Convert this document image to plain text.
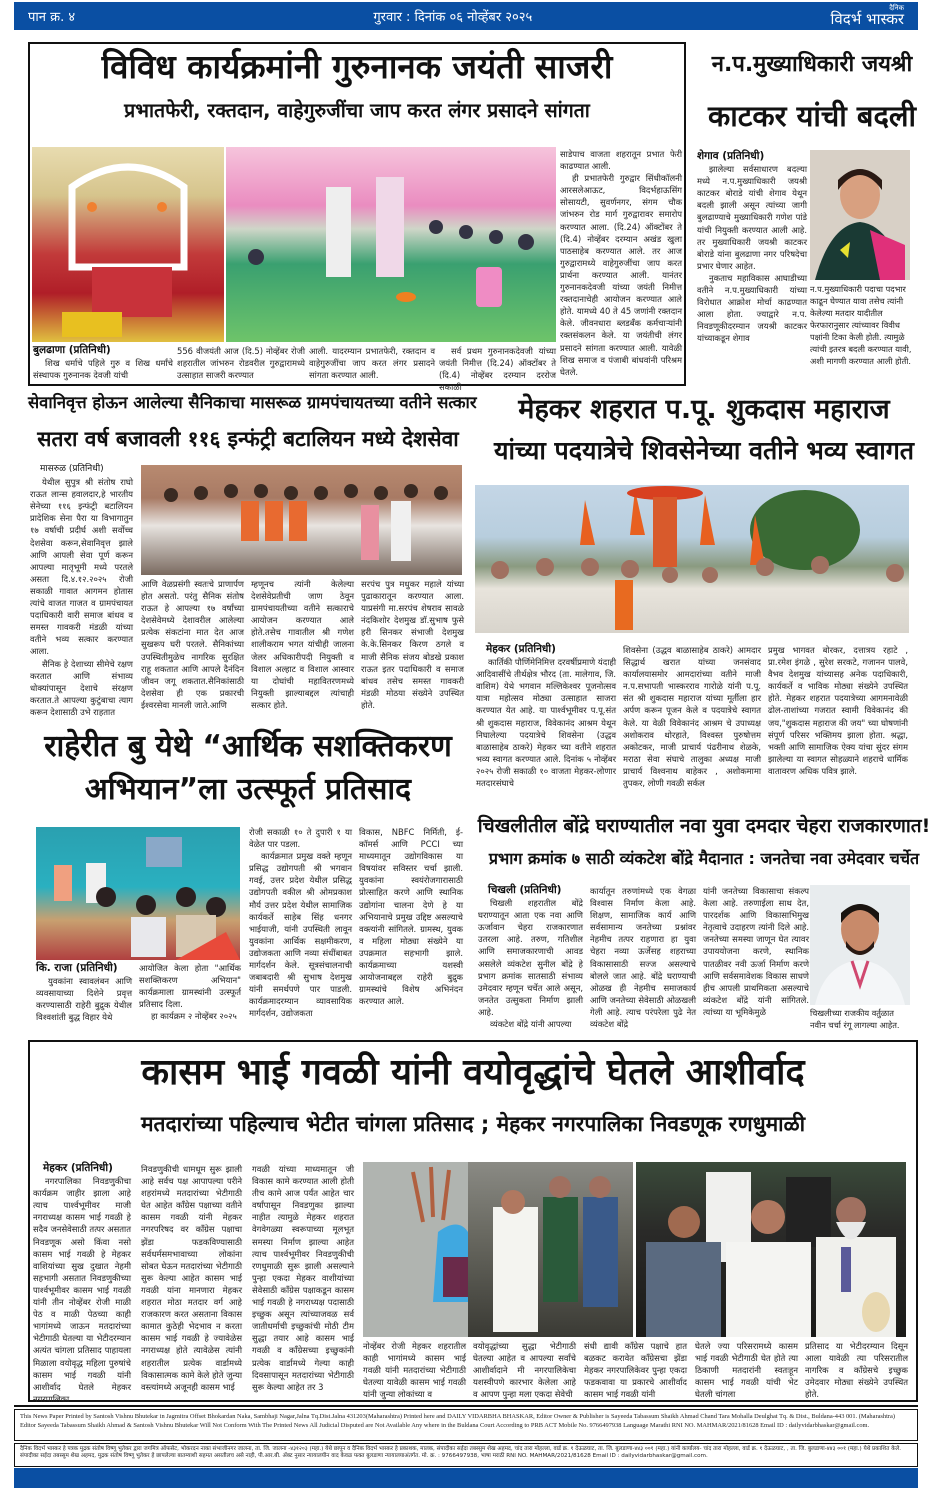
पान क्र. ४	गुरवार : दिनांक ०६ नोव्हेंबर २०२५
दैनिक
विदर्भ भास्कर
विविध कार्यक्रमांनी गुरुनानक जयंती साजरी
प्रभातफेरी, रक्तदान, वाहेगुरुजींचा जाप करत लंगर प्रसादने सांगता
बुलढाणा (प्रतिनिधी)

शिख धर्माचे पहिले गुरु व शिख धर्मांचे संस्थापक गुरुनानक देवजी यांची

556 वीजयंती आज (दि.5) नोव्हेंबर रोजी शहरातील जांभरुन रोडवरील गुरुद्वारामध्ये उत्साहात साजरी करण्यात
आली. यादरम्यान प्रभातफेरी, रक्तदान व वाहेगुरुजींचा जाप करत लंगर प्रसादने सांगता करण्यात आली.

सर्व प्रथम गुरुनानकदेवजी यांच्या जयंती निमीत्त (दि.24) ऑक्टोंबर ते (दि.4) नोव्हेंबर दरम्यान दररोज सकाळी

साडेपाच वाजता शहरातून प्रभात फेरी काढण्यात आली.

ही प्रभातफेरी गुरुद्वार सिंधीकॉलनी आरसलेआऊट, विदर्भहाऊसिंग सोसायटी, सुवर्णनगर, संगम चौक जांभरुन रोड मार्ग गुरुद्वारावर समारोप करण्यात आला. (दि.24) ऑक्टोंबर ते (दि.4) नोव्हेंबर दरम्यान अखंड खुला पाठसाहेब करण्यात आले. तर आज गुरुद्वारामध्ये वाहेगुरुजींचा जाप करत प्रार्थना करण्यात आली. यानंतर गुरुनानकदेवजी यांच्या जयंती निमीत्त रक्तदानाचेही आयोजन करण्यात आले होते. यामध्ये 40 ते 45 जणांनी रक्तदान केले. जीवनधारा ब्लडबँक कर्मचाऱ्यांनी रक्तसंकलन केले. या जयंतीची लंगर प्रसादने सांगता करण्यात आली. यावेळी शिख समाज व पंजाबी बांधवांनी परिश्रम घेतले.

न.प.मुख्याधिकारी जयश्री
काटकर यांची बदली
शेगाव (प्रतिनिधी)

झालेल्या सर्वसाधारण बदल्या मध्ये न.प.मुख्याधिकारी जयश्री काटकर बोराडे यांची शेगाव येथून बदली झाली असून त्यांच्या जागी बुलढाण्याचे मुख्याधिकारी गणेश पांडे यांची नियुक्ती करण्यात आली आहे. तर मुख्याधिकारी जयश्री काटकर बोराडे यांना बुलढाणा नगर परिषदेचा प्रभार घेणार आहेत.

नुकताच महाविकास आघाडीच्या वतीने न.प.मुख्याधिकारी यांच्या विरोधात आक्रोश मोर्चा काढण्यात आला होता. ज्याद्वारे न.प. निवडणूकीदरम्यान जयश्री काटकर यांच्याकडून शेगाव

न.प.मुख्याधिकारी पदाचा पदभार काढून घेण्यात यावा तसेच त्यांनी केलेल्या मतदार यादीतील फेरफारानुसार त्यांच्यावर विवीध पक्षांनी टिका केली होती. त्यामुळे त्यांची इतरत्र बदली करण्यात यावी, अशी मागणी करण्यात आली होती.
सेवानिवृत्त होऊन आलेल्या सैनिकाचा मासरूळ ग्रामपंचायतच्या वतीने सत्कार
सतरा वर्ष बजावली ११६ इन्फंट्री बटालियन मध्ये देशसेवा
मासरुळ (प्रतिनिधी)

येथील सुपुत्र श्री संतोष राघो राऊत लान्स हवालदार,हे भारतीय सेनेच्या ११६ इन्फंट्री बटालियन प्रादेशिक सेना पैरा या विभागातुन १७ वर्षाची प्रदीर्घ अशी सर्वोच्च देशसेवा करून,सेवानिवृत्त झाले आणि आपली सेवा पूर्ण करून आपल्या मातृभूमी मध्ये परतले असता दि.४.१२.२०२५ रोजी सकाळी गावात आगमन होतास त्यांचे वाजत गाजत व ग्रामपंचायत पदाधिकारी वारी समाज बांधव व समस्त गावकरी मंडळी यांच्या वतीने भव्य सत्कार करण्यात आला.

सैनिक हे देशाच्या सीमेचे रक्षण करतात आणि संभाव्य धोक्यांपासून देशाचे संरक्षण करतात.ते आपल्या कुटुंबाचा त्याग करून देशासाठी उभे राहतात

आणि वेळप्रसंगी स्वतःचे प्राणार्पण होत असतो. परंतु सैनिक संतोष राऊत हे आपल्या १७ वर्षांच्या देशसेवेमध्ये देशावरील आलेल्या प्रत्येक संकटांना मात देत आज सुखरूप घरी परतले. सैनिकांच्या उपस्थितीमुळेच नागरिक सुरक्षित राहू शकतात आणि आपले दैनंदिन जीवन जगू शकतात.सैनिकांसाठी देशसेवा ही एक प्रकारची ईश्वरसेवा मानली जाते.आणि
म्हणूनच त्यांनी केलेल्या देशसेवेप्रतीची जाण ठेवून ग्रामपंचायतीच्या वतीने सत्काराचे आयोजन करण्यात आले होते.तसेच गावातील श्री गणेश शालीकराम भगत यांचीही जालना जेलर अधिकारीपदी नियुक्ती व विशाल अल्हाट व विशाल आस्वार या दोघांची महावितरणमध्ये नियुक्ती झाल्याबद्दल त्यांचाही सत्कार होते.
सरपंच पुत्र मधुकर महाले यांच्या पुढाकारातून करण्यात आला. याप्रसंगी मा.सरपंच शेषराव सावळे नंदकिशोर देशमुख डॉ.सुभाष फुसे हरी सिनकर संभाजी देशमुख के.के.सिनकर किरण ठगले व माजी सैनिक संजय बोडखे प्रकाश राऊत इतर पदाधिकारी व समाज बांधव तसेच समस्त गावकरी मंडळी मोठया संख्येने उपस्थित होते.
मेहकर शहरात प.पू. शुकदास महाराज
यांच्या पदयात्रेचे शिवसेनेच्या वतीने भव्य स्वागत
मेहकर (प्रतिनिधी)

कार्तिकी पौर्णिमेनिमित्त दरवर्षीप्रमाणे यंदाही आदिवासींचे तीर्थक्षेत्र भौरद (ता. मालेगाव, जि. वाशिम) येथे भगवान मल्लिकेश्वर पूजनोत्सव यात्रा महोत्सव मोठ्या उत्साहात साजरा करण्यात येत आहे. या पार्श्वभूमीवर प.पू.संत श्री शुकदास महाराज, विवेकानंद आश्रम येथून निघालेल्या पदयात्रेचे शिवसेना (उद्धव बाळासाहेब ठाकरे) मेहकर च्या वतीने शहरात भव्य स्वागत करण्यात आले. दिनांक ५ नोव्हेंबर २०२५ रोजी सकाळी १० वाजता मेहकर-लोणार मतदारसंघाचे

शिवसेना (उद्धव बाळासाहेब ठाकरे) आमदार सिद्धार्थ खरात यांच्या जनसंवाद कार्यालयासमोर आमदारांच्या वतीने माजी न.प.सभापती भास्करराव गारोळे यांनी प.पू. संत श्री शुकदास महाराज यांच्या मूर्तीला हार अर्पण करून पूजन केले व पदयात्रेचे स्वागत केले. या वेळी विवेकानंद आश्रम चे उपाध्यक्ष अशोकराव थोरहाते, विश्वस्त पुरुषोत्तम अकोटकर, माजी प्राचार्य पंढरीनाथ शेळके, मराठा सेवा संघाचे तालुका अध्यक्ष माजी प्राचार्य विश्वनाथ बाहेकर , अशोकमामा तुपकर, लोणी गवळी सर्कल
प्रमुख भागवत बोरकर, दत्तात्रय रहाटे , प्रा.रमेश इंगळे , सुरेश सरकटे, गजानन पालवे, वैभव देशमुख यांच्यासह अनेक पदाधिकारी, कार्यकर्ते व भाविक मोठ्या संख्येने उपस्थित होते. मेहकर शहरात पदयात्रेच्या आगमनावेळी ढोल-ताशांच्या गजरात स्वामी विवेकानंद की जय,"शुकदास महाराज की जय" च्या घोषणांनी संपूर्ण परिसर भक्तिमय झाला होता. श्रद्धा, भक्ती आणि सामाजिक ऐक्य यांचा सुंदर संगम झालेल्या या स्वागत सोहळ्याने शहराचे धार्मिक वातावरण अधिक पवित्र झाले.
राहेरीत बु येथे “आर्थिक सशक्तिकरण
अभियान”ला उत्स्फूर्त प्रतिसाद
कि. राजा (प्रतिनिधी)

युवकांना स्वावलंबन आणि व्यवसायाच्या दिशेने प्रवृत्त करण्यासाठी राहेरी बुद्रुक येथील विश्वशांती बुद्ध विहार येथे

आयोजित केला होता "आर्थिक सशक्तिकरण अभियान" कार्यक्रमाला ग्रामस्थांनी उत्स्फूर्त प्रतिसाद दिला.

हा कार्यक्रम २ नोव्हेंबर २०२५

रोजी सकाळी १० ते दुपारी १ या वेळेत पार पडला.

कार्यक्रमात प्रमुख वक्ते म्हणून प्रसिद्ध उद्योगपती श्री भगवान गवई, उत्तर प्रदेश येथील प्रसिद्ध उद्योगपती वकील श्री ओमप्रकाश मौर्य उत्तर प्रदेश येथील सामाजिक कार्यकर्ते साहेब सिंह धनगर भाईयाजी, यांनी उपस्थिती लावून युवकांना आर्थिक सक्षमीकरण, उद्योजकता आणि नव्या संधींबाबत मार्गदर्शन केले. सूत्रसंचालनाची जबाबदारी श्री सुभाष देशमुख यांनी समर्थपणे पार पाडली. कार्यक्रमादरम्यान व्यावसायिक मार्गदर्शन, उद्योजकता

विकास, NBFC निर्मिती, ई-कॉमर्स आणि PCCI च्या माध्यमातून उद्योगविकास या विषयांवर सविस्तर चर्चा झाली. युवकांना स्वयंरोजगारासाठी प्रोत्साहित करणे आणि स्थानिक उद्योगांना चालना देणे हे या अभियानाचे प्रमुख उद्दिष्ट असल्याचे वक्त्यांनी सांगितले. ग्रामस्थ, युवक व महिला मोठ्या संख्येने या उपक्रमात सहभागी झाले. कार्यक्रमाच्या यशस्वी आयोजनाबद्दल राहेरी बुद्रुक ग्रामस्थांचे विशेष अभिनंदन करण्यात आले.
चिखलीतील बोंद्रे घराण्यातील नवा युवा दमदार चेहरा राजकारणात!
प्रभाग क्रमांक ७ साठी व्यंकटेश बोंद्रे मैदानात : जनतेचा नवा उमेदवार चर्चेत
चिखली (प्रतिनिधी)

चिखली शहरातील बोंद्रे घराण्यातून आता एक नवा आणि ऊर्जावान चेहरा राजकारणात उतरला आहे. तरुण, गतिशील आणि समाजकारणाची आवड असलेले व्यंकटेश सुनील बोंद्रे हे प्रभाग क्रमांक सातसाठी संभाव्य उमेदवार म्हणून चर्चेत आले असून, जनतेत उत्सुकता निर्माण झाली आहे.

व्यंकटेश बोंद्रे यांनी आपल्या

कार्यातून तरुणांमध्ये एक वेगळा विश्वास निर्माण केला आहे. शिक्षण, सामाजिक कार्य आणि सर्वसामान्य जनतेच्या प्रश्नांवर नेहमीच तत्पर राहणारा हा युवा चेहरा नव्या ऊर्जेसह शहराच्या विकासासाठी सज्ज असल्याचे बोलले जात आहे. बोंद्रे घराण्याची ओळख ही नेहमीच समाजकार्य आणि जनतेच्या सेवेसाठी ओळखली गेली आहे. त्याच परंपरेला पुढे नेत व्यंकटेश बोंद्रे
यांनी जनतेच्या विकासाचा संकल्प केला आहे. तरुणाईला साथ देत, पारदर्शक आणि विकासाभिमुख नेतृत्वाचे उदाहरण त्यांनी दिले आहे. जनतेच्या समस्या जाणून घेत त्यावर उपाययोजना करणे, स्थानिक पातळीवर नवी ऊर्जा निर्माण करणे आणि सर्वसमावेशक विकास साधणे हीच आपली प्राथमिकता असल्याचे व्यंकटेश बोंद्रे यांनी सांगितले. त्यांच्या या भूमिकेमुळे	चिखलीच्या राजकीय वर्तुळात नवीन चर्चा रंगू लागल्या आहेत.
कासम भाई गवळी यांनी वयोवृद्धांचे घेतले आशीर्वाद
मतदारांच्या पहिल्याच भेटीत चांगला प्रतिसाद ; मेहकर नगरपालिका निवडणूक रणधुमाळी
मेहकर (प्रतिनिधी)

नगरपालिका निवडणुकीचा कार्यक्रम जाहीर झाला आहे त्याच पार्श्वभूमीवर माजी नगराध्यक्ष कासम भाई गवळी हे सदैव जनसेवेसाठी तत्पर असतात निवडणूक असो किंवा नसो कासम भाई गवळी हे मेहकर वाशियांच्या सुख दुखात नेहमी सहभागी असतात निवडणुकीच्या पार्श्वभूमीवर कासम भाई गवळी यांनी तीन नोव्हेंबर रोजी माळी पेठ व माळी पेठच्या काही भागांमध्ये जाऊन मतदारांच्या भेटीगाठी घेतल्या या भेटीदरम्यान अत्यंत चांगला प्रतिसाद पाहायला मिळाला वयोवृद्ध महिला पुरुषांचे कासम भाई गवळी यांनी आशीर्वाद घेतले मेहकर नगरपालिका

निवडणुकीची धामधूम सुरू झाली आहे सर्वच पक्ष आपापल्या परीने शहरांमध्ये मतदारांच्या भेटीगाठी घेत आहेत कॉंग्रेस पक्षाच्या वतीने कासम गवळी यांनी मेहकर नगरपरिषद वर कॉंग्रेस पक्षाचा झेंडा फडकविण्यासाठी सर्वधर्मसमभावाच्या लोकांना सोबत घेऊन मतदारांच्या भेटीगाठी सुरू केल्या आहेत कासम भाई गवळी यांना मानणारा मेहकर शहरात मोठा मतदार वर्ग आहे राजकारण करत असताना विकास कामात कुठेही भेदभाव न करता कासम भाई गवळी हे ज्यावेळेस नगराध्यक्ष होते त्यावेळेस त्यांनी शहरातील प्रत्येक वार्डामध्ये विकासात्मक कामे केले होते जुन्या वस्त्यांमध्ये अजूनही कासम भाई
गवळी यांच्या माध्यमातून जी विकास कामे करण्यात आली होती तीच कामे आज पर्यंत आहेत चार वर्षांपासून निवडणुका झाल्या नाहीत त्यामुळे मेहकर शहरात वेगवेगळ्या स्वरूपाच्या मूलभूत समस्या निर्माण झाल्या आहेत त्याच पार्श्वभूमीवर निवडणुकीची रणधुमाळी सुरू झाली असल्याने पुन्हा एकदा मेहकर वाशीयांच्या सेवेसाठी कॉंग्रेस पक्षाकडून कासम भाई गवळी हे नगराध्यक्ष पदासाठी इच्छुक असून त्यांच्याजवळ सर्व जातीधर्माची इच्छुकांची मोठी टीम सुद्धा तयार आहे कासम भाई गवळी व कॉंग्रेसच्या इच्छुकांनी प्रत्येक वार्डामध्ये गेल्या काही दिवसापासून मतदारांच्या भेटीगाठी सुरू केल्या आहेत तर 3
नोव्हेंबर रोजी मेहकर शहरातील काही भागांमध्ये कासम भाई गवळी यांनी मतदारांच्या भेटीगाठी घेतल्या यावेळी कासम भाई गवळी यांनी जुन्या लोकांच्या व
वयोवृद्धांच्या सुद्धा भेटीगाठी घेतल्या आहेत व आपल्या सर्वांचे आशीर्वादाने मी नगरपालिकेचा यशस्वीपणे कारभार केलेला आहे व आपण पुन्हा मला एकदा सेवेची
संधी द्यावी कॉंग्रेस पक्षाचे हात बळकट करावेत कॉंग्रेसचा झेंडा मेहकर नगरपालिकेवर पुन्हा एकदा फडकवावा या प्रकारचे आशीर्वाद कासम भाई गवळी यांनी
घेतले ज्या परिसरामध्ये कासम भाई गवळी भेटीगाठी घेत होते त्या ठिकाणी मतदारांनी स्वतःहून कासम भाई गवळी यांची भेट घेतली चांगला
प्रतिसाद या भेटीदरम्यान दिसून आला यावेळी त्या परिसरातील नागरिक व कॉंग्रेसचे इच्छुक उमेदवार मोठ्या संख्येने उपस्थित होते.
This News Paper Printed by Santosh Vishnu Bhutekar in Jagmitra Offset Bhokardan Naka, Sambhaji Nagar,Jalna Tq.Dist.Jalna 431203(Maharashtra) Printed here and DAILY VIDARBHA BHASKAR, Editor Owner & Publisher is Sayeeda Tabassum Shaikh Ahmad Chand Tara Mohalla Deulghat Tq. & Dist., Buldana-443 001. (Maharashtra) Editor Sayeeda Tabassum Shaikh Ahmad & Santosh Vishnu Bhutekar Will Not Conform With The Printed News All Judicial Disputed are Not Available Any where in the Buldana Court According to PRB ACT Mobile No. 9766497938 Language Marathi RNI NO. MAHMAR/2021/81628 Email ID : dailyvidarbhaskar@gmail.com.
दैनिक विदर्भ भास्कर हे पत्रक मुद्रक संतोष विष्णू भुतेकर द्वारा जगमित्र ऑफसेट, भोकरदन नाका संभाजीनगर जालना, ता. जि. जालना -४३१२०३ (महा.) येथे छापून व दैनिक विदर्भ भास्कर हे प्रकाशक, मालक, संपादीका सईदा तबस्सुम शेख अहमद, चांद तारा मोहल्ला, वार्ड क्र. १ देऊळघाट, ता. जि. बुलडाणा-४४३ ००१ (महा.) यांनी कार्यालय- चांद तारा मोहल्ला, वार्ड क्र. १ देऊळघाट, , ता. जि. बुलडाणा-४४३ ००१ (महा.) येथे प्रकाशित केले. संपादीका सईदा तबस्सुम शेख अहमद, मुद्रक संतोष विष्णू भुतेकर हे छापलेल्या बातम्याशी सहमत असतीलच असे नाही, पी.आर.बी. ॲक्ट नुसार न्यायालयीन वाद केवळ फक्त बुलडाणा न्यायालयाअंतर्गत. मो. क्र. : 9766497938, भाषा मराठी RNI NO. MAHMAR/2021/81628 Email ID : dailyvidarbhaskar@gmail.com.
